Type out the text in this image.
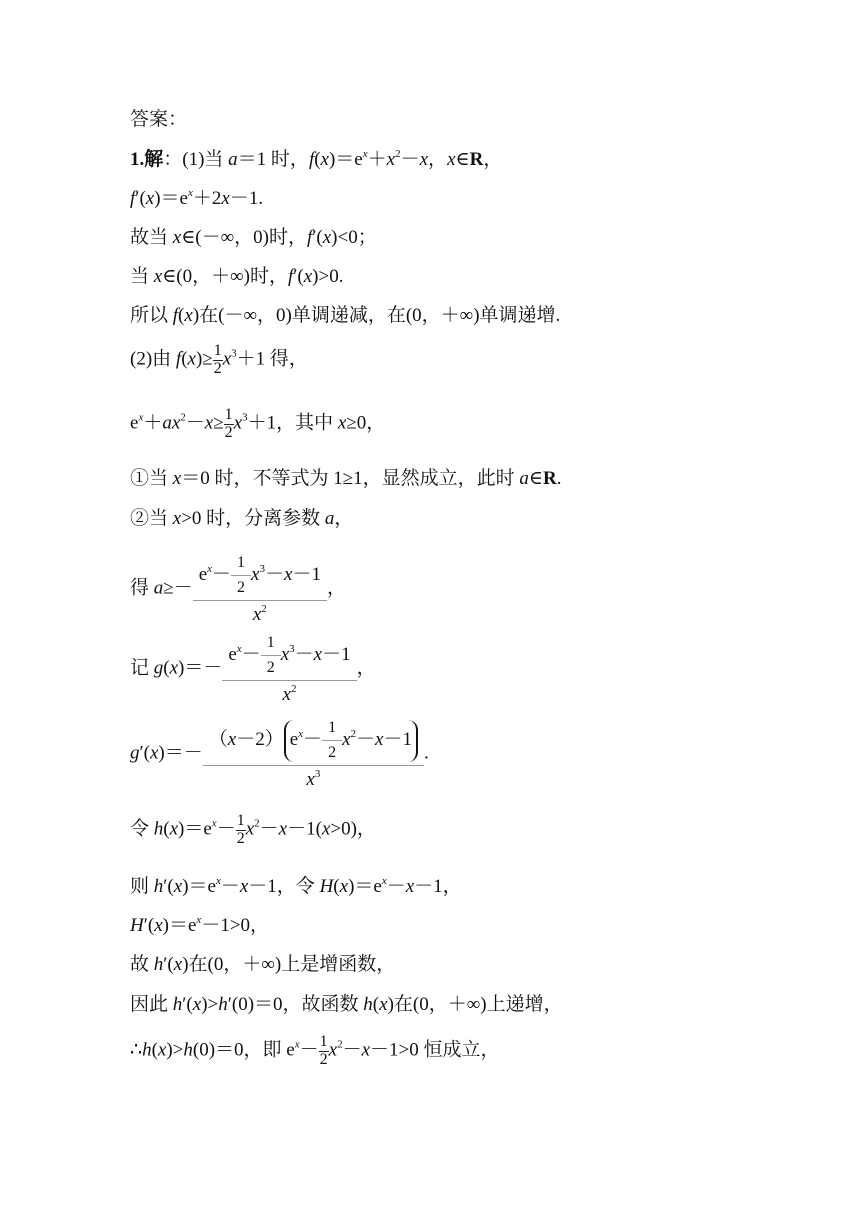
答案：
1.解：(1)当 a＝1 时，$f(x)=e^x+x^2-x$，x∈R，
$f'(x)=e^x+2x-1$.
故当 x∈(－∞，0)时，f′(x)<0；
当 x∈(0，＋∞)时，f′(x)>0.
所以 f(x)在(－∞，0)单调递减，在(0，＋∞)单调递增.
(2)由 $f(x)\ge \frac{1}{2} x^3+1$ 得，
$e^x+ax^2-x\ge \frac{1}{2} x^3+1$，其中 x≥0，
①当 x＝0 时，不等式为 1≥1，显然成立，此时 a∈R.
②当 x>0 时，分离参数 a，
得 $a\ge- \frac{e^x- \frac{1}{2} x^3-x-1}{x^2}$ ，
记 $g(x)=- \frac{e^x- \frac{1}{2} x^3-x-1}{x^2}$ ，
$g'(x)=- \frac{(x-2) e^x- \frac{1}{2} x^2-x-1}{x^3}$ .
令 $h(x)=e^x- \frac{1}{2} x^2-x-1(x>0)$，
则 $h'(x)=e^x-x-1$，令 $H(x)=e^x-x-1$，
$H'(x)=e^x-1>0$，
故 h′(x)在(0，＋∞)上是增函数，
因此 h′(x)>h′(0)＝0，故函数 h(x)在(0，＋∞)上递增，
∴h(x)>h(0)＝0，即 $e^x- \frac{1}{2} x^2-x-1>0$ 恒成立，
